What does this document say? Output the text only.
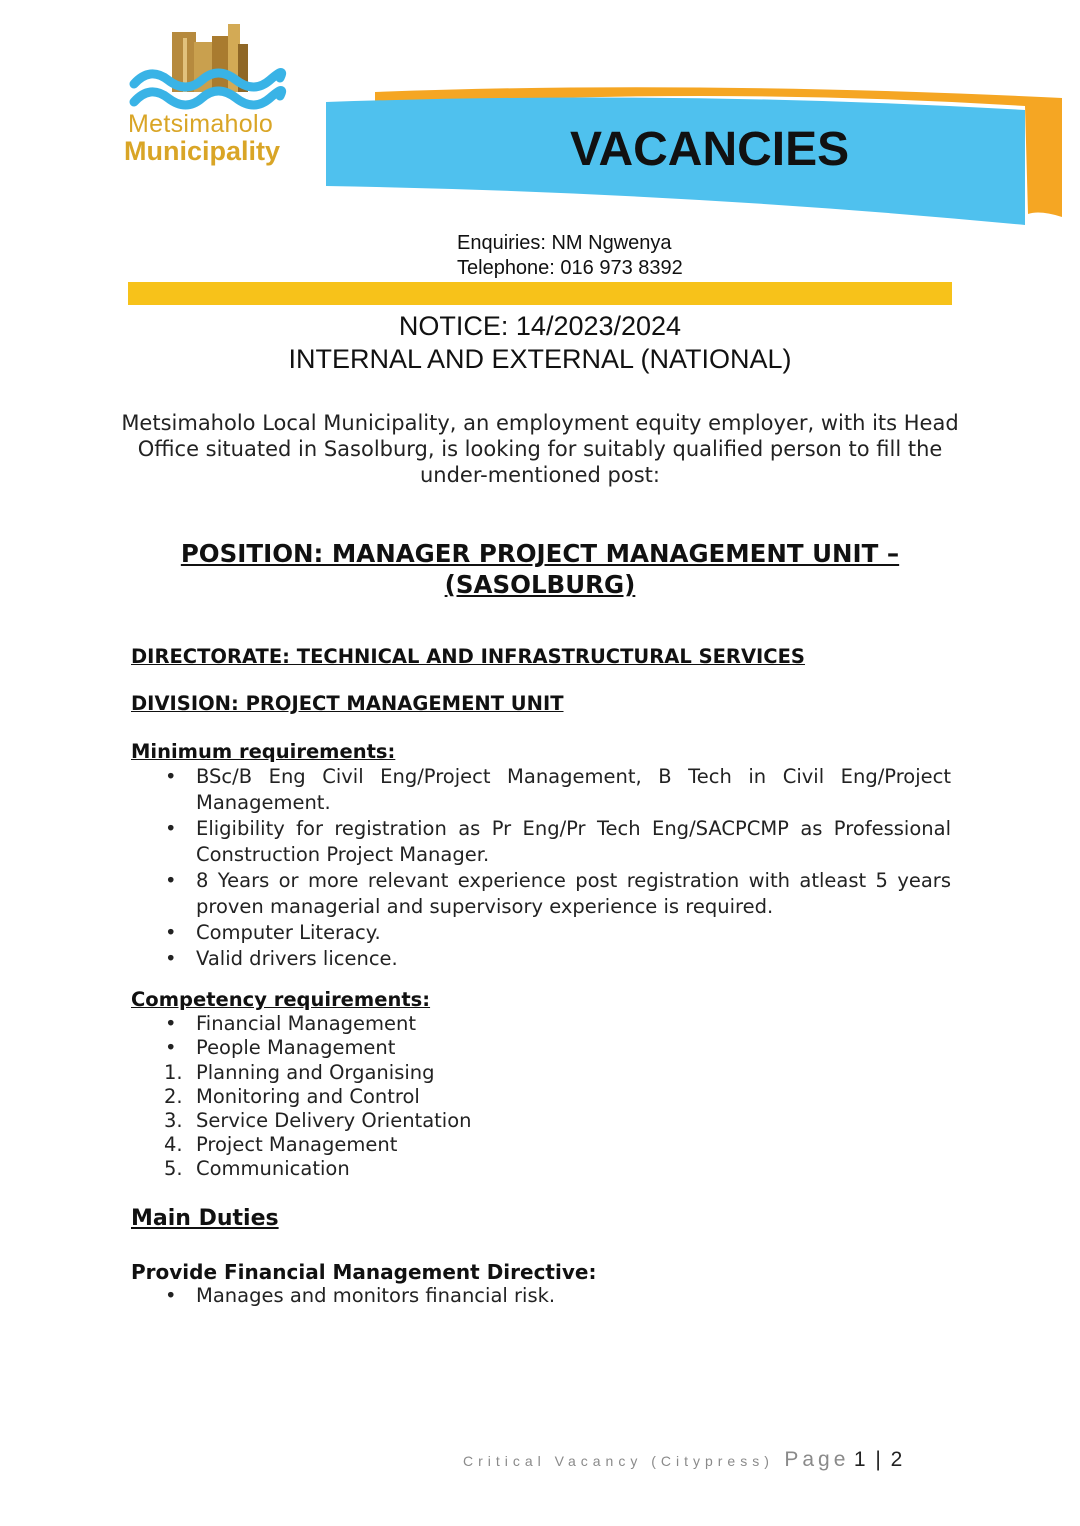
Metsimaholo
Municipality	VACANCIES
Enquiries: NM Ngwenya
Telephone: 016 973 8392
NOTICE: 14/2023/2024
INTERNAL AND EXTERNAL (NATIONAL)
Metsimaholo Local Municipality, an employment equity employer, with its Head Office situated in Sasolburg, is looking for suitably qualified person to fill the under-mentioned post:
POSITION: MANAGER PROJECT MANAGEMENT UNIT –
(SASOLBURG)
DIRECTORATE: TECHNICAL AND INFRASTRUCTURAL SERVICES
DIVISION: PROJECT MANAGEMENT UNIT
Minimum requirements:
• BSc/B Eng Civil Eng/Project Management, B Tech in Civil Eng/Project Management.
• Eligibility for registration as Pr Eng/Pr Tech Eng/SACPCMP as Professional Construction Project Manager.
• 8 Years or more relevant experience post registration with atleast 5 years proven managerial and supervisory experience is required.
• Computer Literacy.
• Valid drivers licence.
Competency requirements:
• Financial Management
• People Management
1. Planning and Organising
2. Monitoring and Control
3. Service Delivery Orientation
4. Project Management
5. Communication
Main Duties
Provide Financial Management Directive:
• Manages and monitors financial risk.
Critical Vacancy (Citypress) Page 1 | 2
